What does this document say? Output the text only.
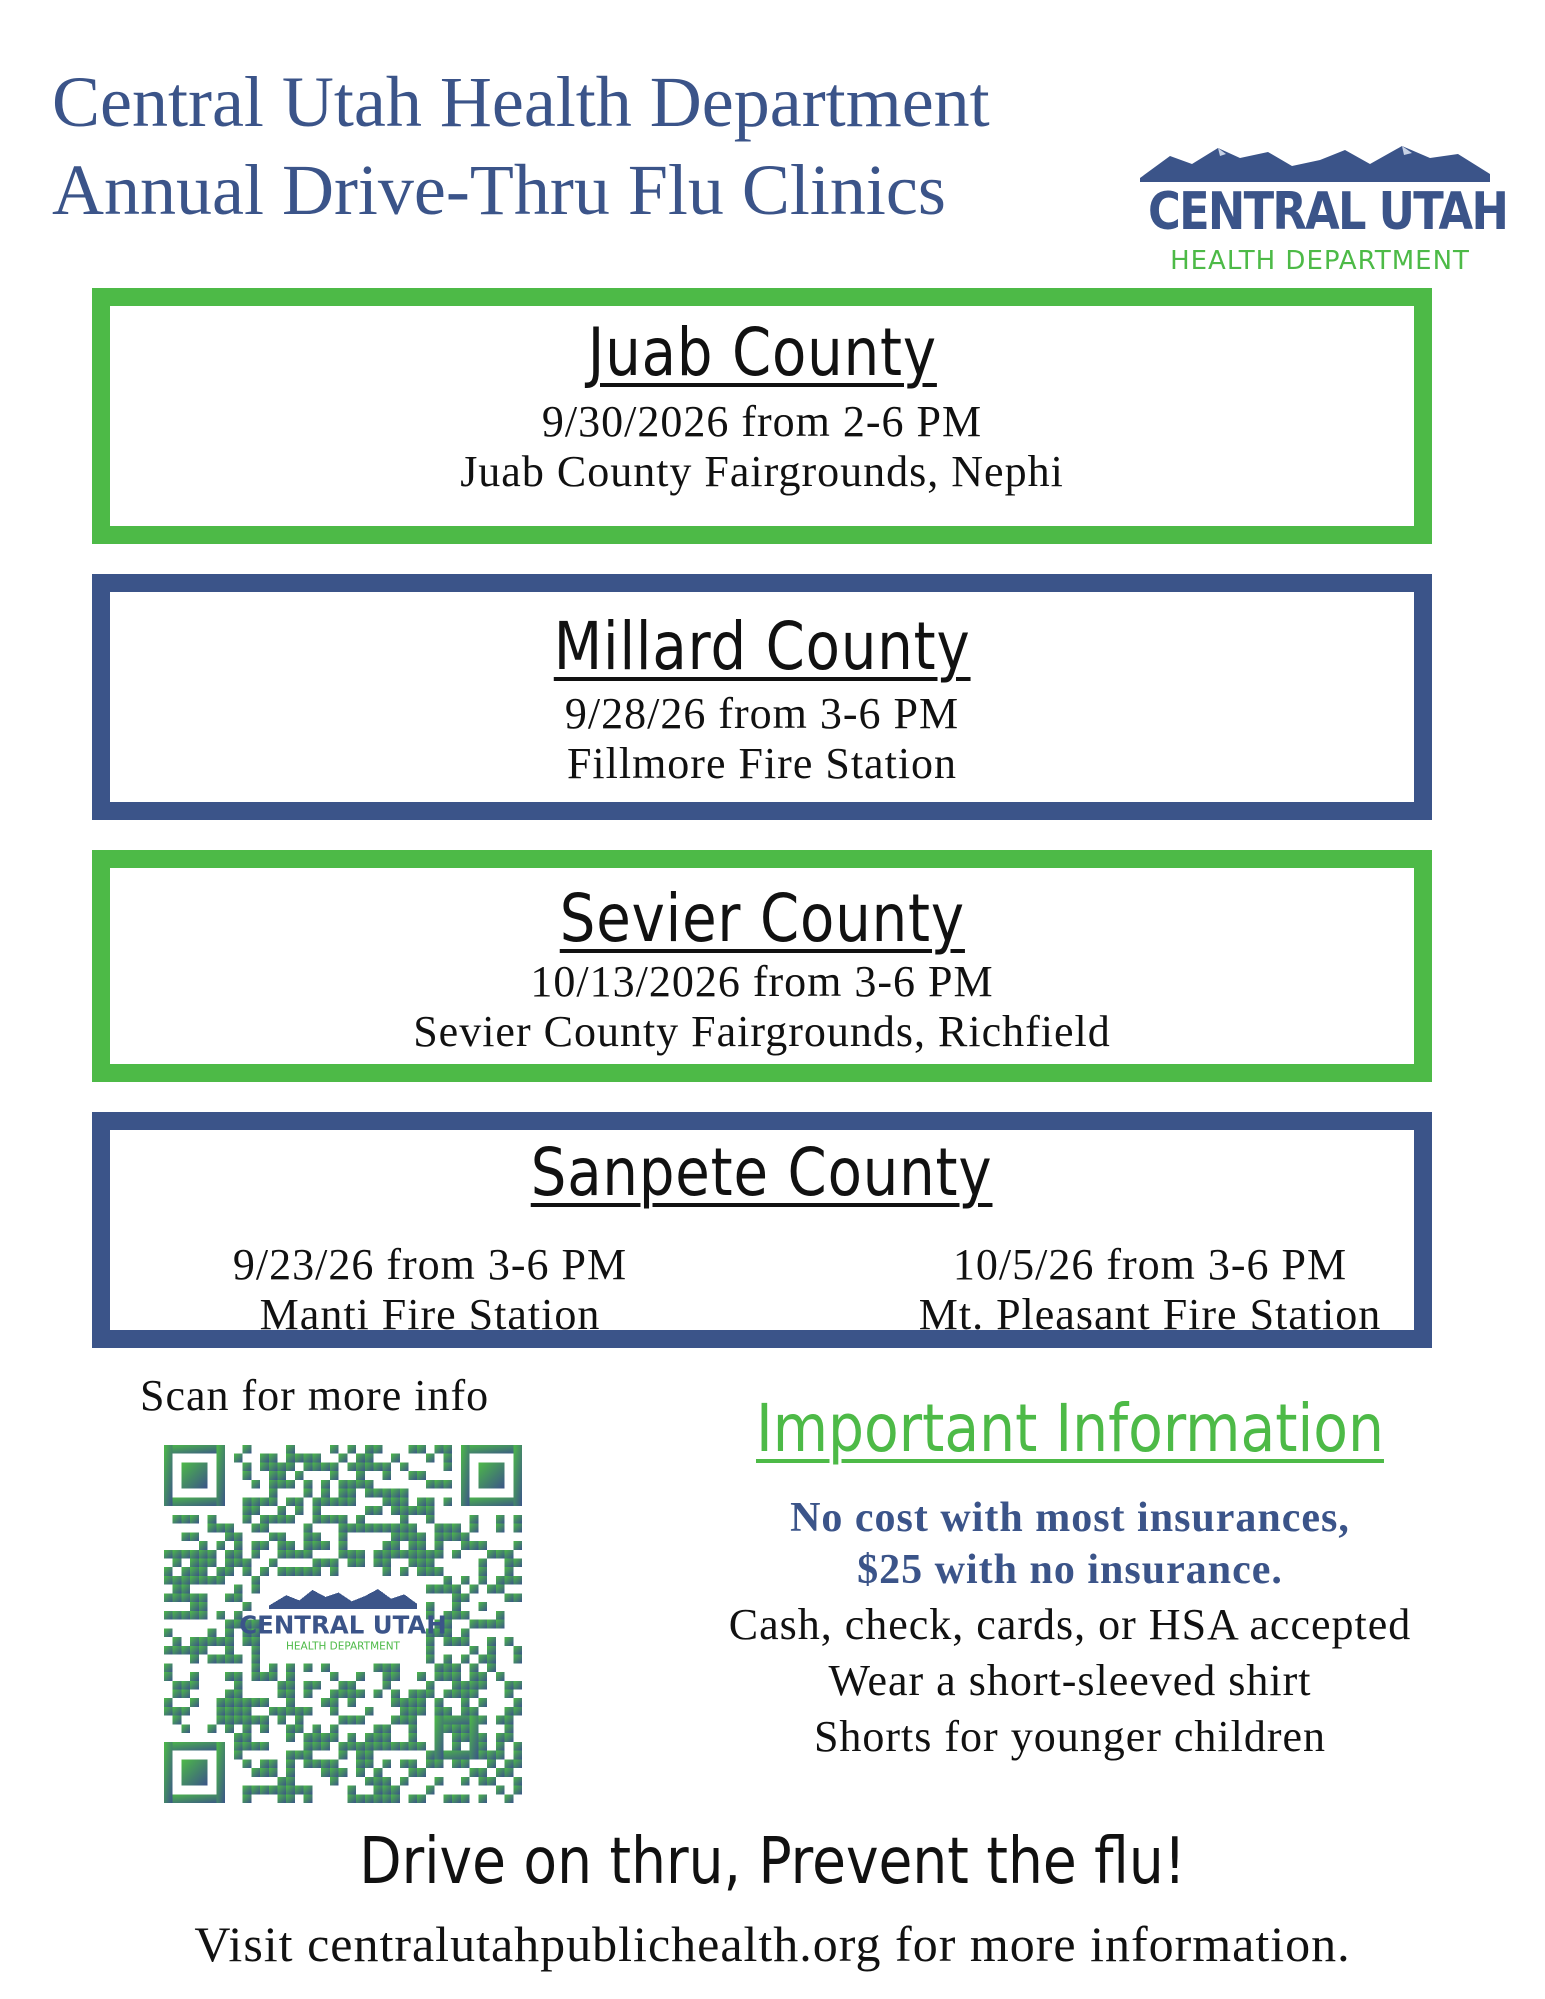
Central Utah Health Department
Annual Drive-Thru Flu Clinics	CENTRAL UTAH
HEALTH DEPARTMENT
Juab County
9/30/2026 from 2-6 PM
Juab County Fairgrounds, Nephi
Millard County
9/28/26 from 3-6 PM
Fillmore Fire Station
Sevier County
10/13/2026 from 3-6 PM
Sevier County Fairgrounds, Richfield
Sanpete County
9/23/26 from 3-6 PM
Manti Fire Station
10/5/26 from 3-6 PM
Mt. Pleasant Fire Station
Scan for more info
CENTRAL UTAH
HEALTH DEPARTMENT
Important Information
No cost with most insurances,
$25 with no insurance.
Cash, check, cards, or HSA accepted
Wear a short-sleeved shirt
Shorts for younger children
Drive on thru, Prevent the flu!
Visit centralutahpublichealth.org for more information.
